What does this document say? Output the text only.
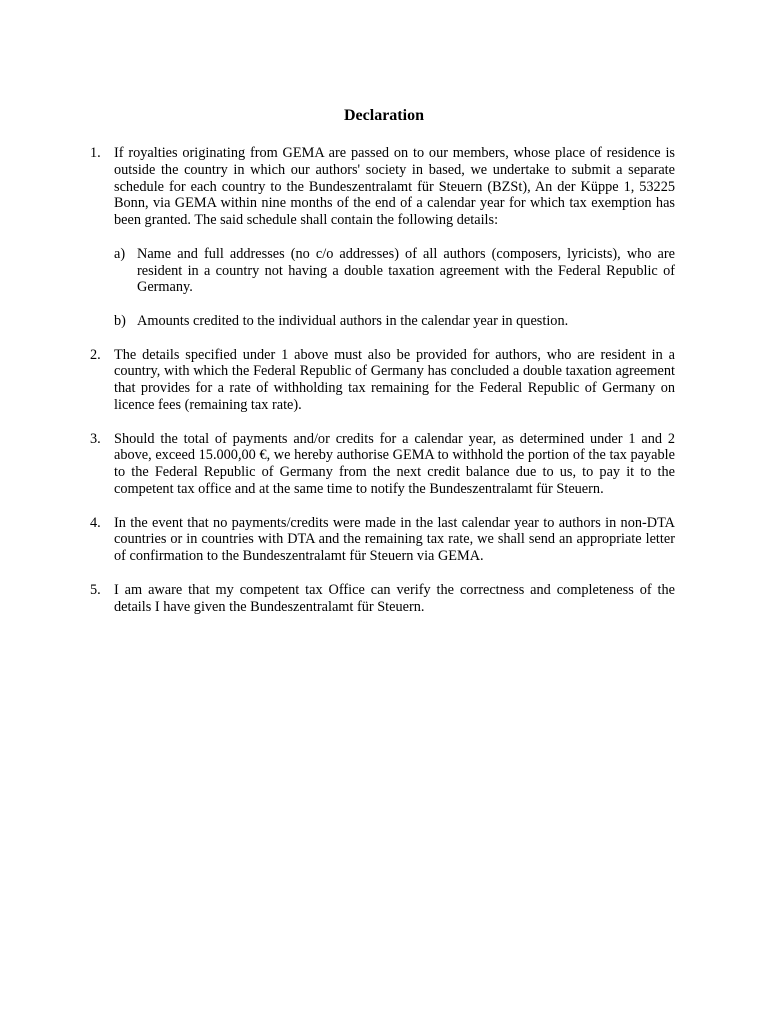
Declaration
1. If royalties originating from GEMA are passed on to our members, whose place of residence is outside the country in which our authors' society in based, we undertake to submit a separate schedule for each country to the Bundeszentralamt für Steuern (BZSt), An der Küppe 1, 53225 Bonn, via GEMA within nine months of the end of a calendar year for which tax exemption has been granted. The said schedule shall contain the following details:

a) Name and full addresses (no c/o addresses) of all authors (composers, lyricists), who are resident in a country not having a double taxation agreement with the Federal Republic of Germany.

b) Amounts credited to the individual authors in the calendar year in question.

2. The details specified under 1 above must also be provided for authors, who are resident in a country, with which the Federal Republic of Germany has concluded a double taxation agreement that provides for a rate of withholding tax remaining for the Federal Republic of Germany on licence fees (remaining tax rate).

3. Should the total of payments and/or credits for a calendar year, as determined under 1 and 2 above, exceed 15.000,00 €, we hereby authorise GEMA to withhold the portion of the tax payable to the Federal Republic of Germany from the next credit balance due to us, to pay it to the competent tax office and at the same time to notify the Bundeszentralamt für Steuern.

4. In the event that no payments/credits were made in the last calendar year to authors in non-DTA countries or in countries with DTA and the remaining tax rate, we shall send an appropriate letter of confirmation to the Bundeszentralamt für Steuern via GEMA.

5. I am aware that my competent tax Office can verify the correctness and completeness of the details I have given the Bundeszentralamt für Steuern.
